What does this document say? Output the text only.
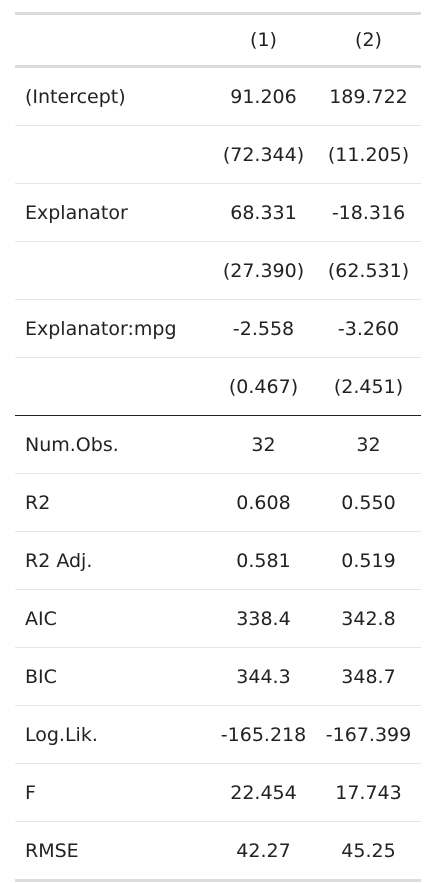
	(1)	(2)
(Intercept)	91.206	189.722
	(72.344)	(11.205)
Explanator	68.331	-18.316
	(27.390)	(62.531)
Explanator:mpg	-2.558	-3.260
	(0.467)	(2.451)
Num.Obs.	32	32
R2	0.608	0.550
R2 Adj.	0.581	0.519
AIC	338.4	342.8
BIC	344.3	348.7
Log.Lik.	-165.218	-167.399
F	22.454	17.743
RMSE	42.27	45.25
